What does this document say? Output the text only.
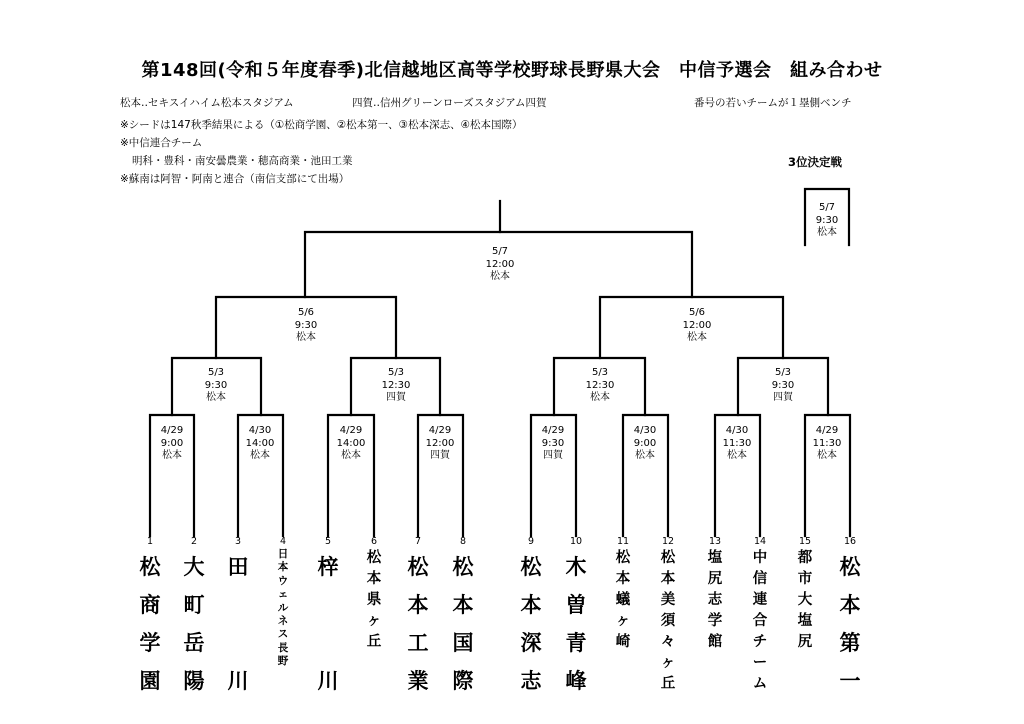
第148回(令和５年度春季)北信越地区高等学校野球長野県大会　中信予選会　組み合わせ
松本‥セキスイハイム松本スタジアム	四賀‥信州グリーンローズスタジアム四賀	番号の若いチームが１塁側ベンチ
※シードは147秋季結果による（①松商学園、②松本第一、③松本深志、④松本国際）
※中信連合チーム
明科・豊科・南安曇農業・穂高商業・池田工業
※蘇南は阿智・阿南と連合（南信支部にて出場）
3位決定戦
5/7
9:30
松本
5/7
12:00
松本
5/6
9:30
松本
5/6
12:00
松本
5/3
9:30
松本
5/3
12:30
四賀
5/3
12:30
松本
5/3
9:30
四賀
4/29
9:00
松本
4/30
14:00
松本
4/29
14:00
松本
4/29
12:00
四賀
4/29
9:30
四賀
4/30
9:00
松本
4/30
11:30
松本
4/29
11:30
松本
1
松
商
学
園
2
大
町
岳
陽
3
田
川
4
日
本
ウ
ェ
ル
ネ
ス
長
野
5
梓
川
6
松
本
県
ヶ
丘
7
松
本
工
業
8
松
本
国
際
9
松
本
深
志
10
木
曽
青
峰
11
松
本
蟻
ヶ
崎
12
松
本
美
須
々
ヶ
丘
13
塩
尻
志
学
館
14
中
信
連
合
チ
ー
ム
15
都
市
大
塩
尻
16
松
本
第
一
